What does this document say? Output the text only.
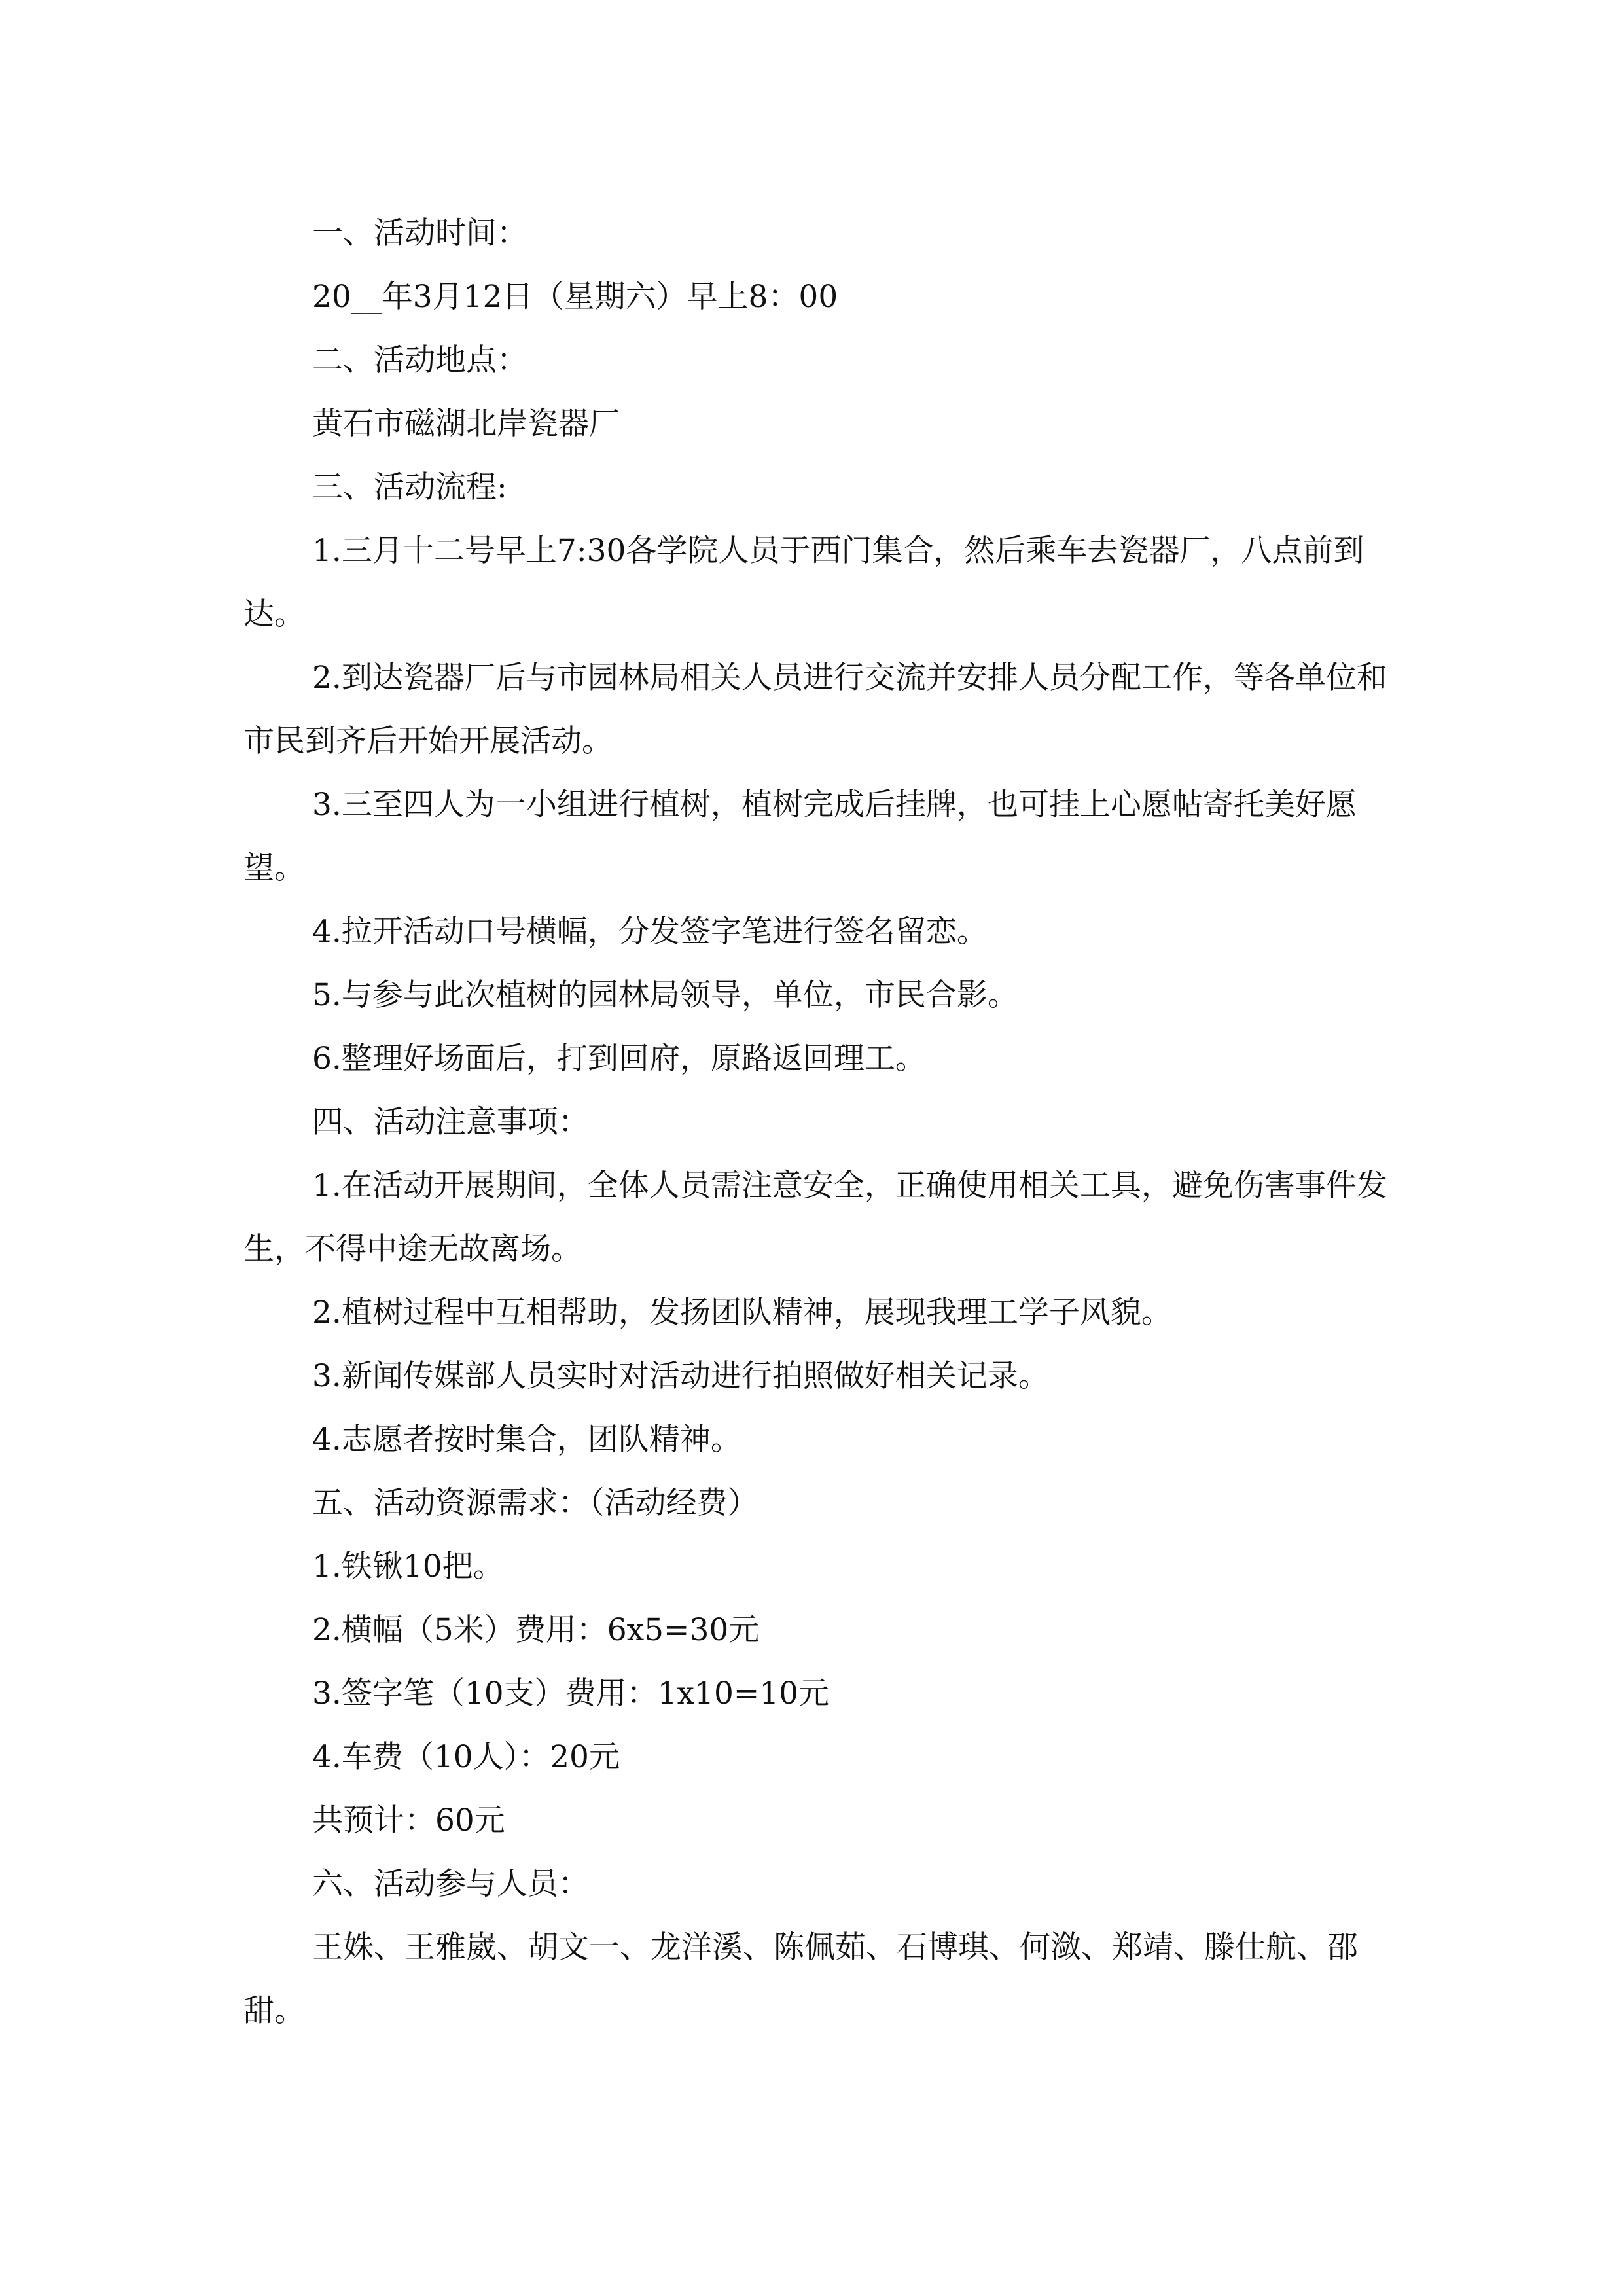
一、活动时间：

20__年3月12日（星期六）早上8：00

二、活动地点：

黄石市磁湖北岸瓷器厂

三、活动流程:

1.三月十二号早上7:30各学院人员于西门集合，然后乘车去瓷器厂，八点前到达。

2.到达瓷器厂后与市园林局相关人员进行交流并安排人员分配工作，等各单位和市民到齐后开始开展活动。

3.三至四人为一小组进行植树，植树完成后挂牌，也可挂上心愿帖寄托美好愿望。

4.拉开活动口号横幅，分发签字笔进行签名留恋。

5.与参与此次植树的园林局领导，单位，市民合影。

6.整理好场面后，打到回府，原路返回理工。

四、活动注意事项：

1.在活动开展期间，全体人员需注意安全，正确使用相关工具，避免伤害事件发生，不得中途无故离场。

2.植树过程中互相帮助，发扬团队精神，展现我理工学子风貌。

3.新闻传媒部人员实时对活动进行拍照做好相关记录。

4.志愿者按时集合，团队精神。

五、活动资源需求：（活动经费）

1.铁锹10把。

2.横幅（5米）费用：6x5=30元

3.签字笔（10支）费用：1x10=10元

4.车费（10人）：20元

共预计：60元

六、活动参与人员：

王姝、王雅崴、胡文一、龙洋溪、陈佩茹、石博琪、何潋、郑靖、滕仕航、邵甜。
